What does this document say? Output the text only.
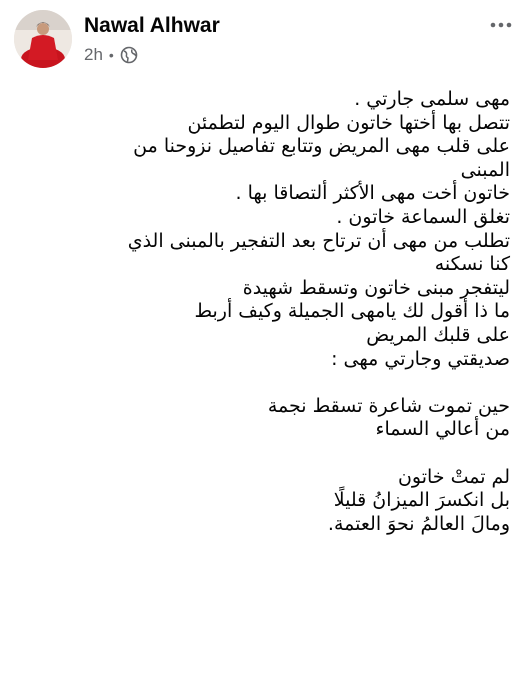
Nawal Alhwar
2h •
مهى سلمى جارتي .
تتصل بها أختها خاتون طوال اليوم لتطمئن
على قلب مهى المريض وتتابع تفاصيل نزوحنا من
المبنى
خاتون أخت مهى الأكثر ألتصاقا بها .
تغلق السماعة خاتون .
تطلب من مهى أن ترتاح بعد التفجير بالمبنى الذي
كنا نسكنه
ليتفجر مبنى خاتون وتسقط شهيدة
ما ذا أقول لك يامهى الجميلة وكيف أربط
على قلبك المريض
صديقتي وجارتي مهى :
حين تموت شاعرة تسقط نجمة
من أعالي السماء
لم تمتْ خاتون
بل انكسرَ الميزانُ قليلًا
ومالَ العالمُ نحوَ العتمة.
